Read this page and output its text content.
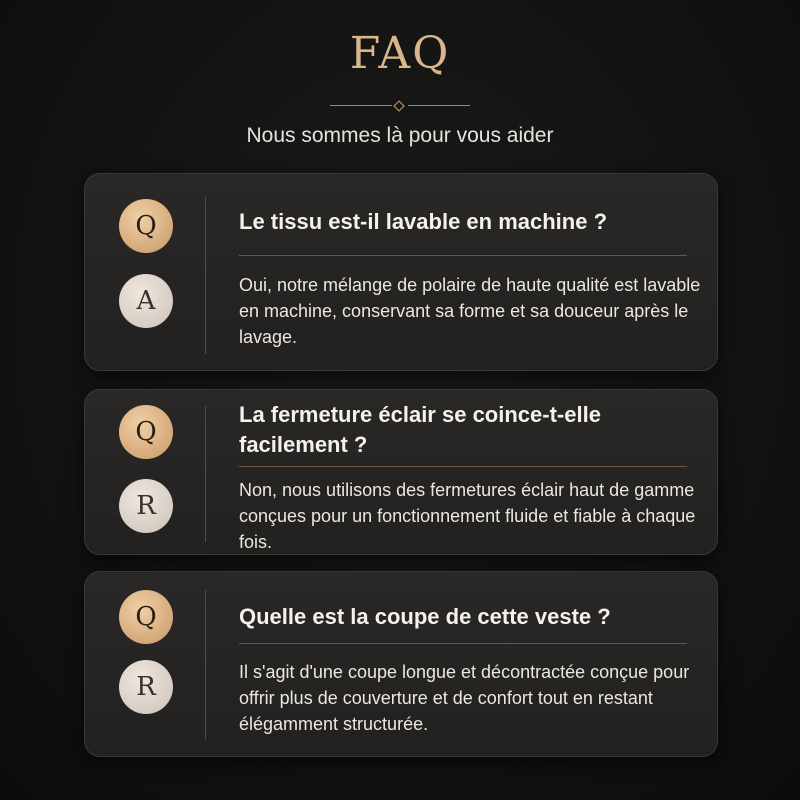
FAQ
Nous sommes là pour vous aider
Q
A
Le tissu est-il lavable en machine ?
Oui, notre mélange de polaire de haute qualité est lavable en machine, conservant sa forme et sa douceur après le lavage.
Q
R
La fermeture éclair se coince-t-elle facilement ?
Non, nous utilisons des fermetures éclair haut de gamme conçues pour un fonctionnement fluide et fiable à chaque fois.
Q
R
Quelle est la coupe de cette veste ?
Il s'agit d'une coupe longue et décontractée conçue pour offrir plus de couverture et de confort tout en restant élégamment structurée.
